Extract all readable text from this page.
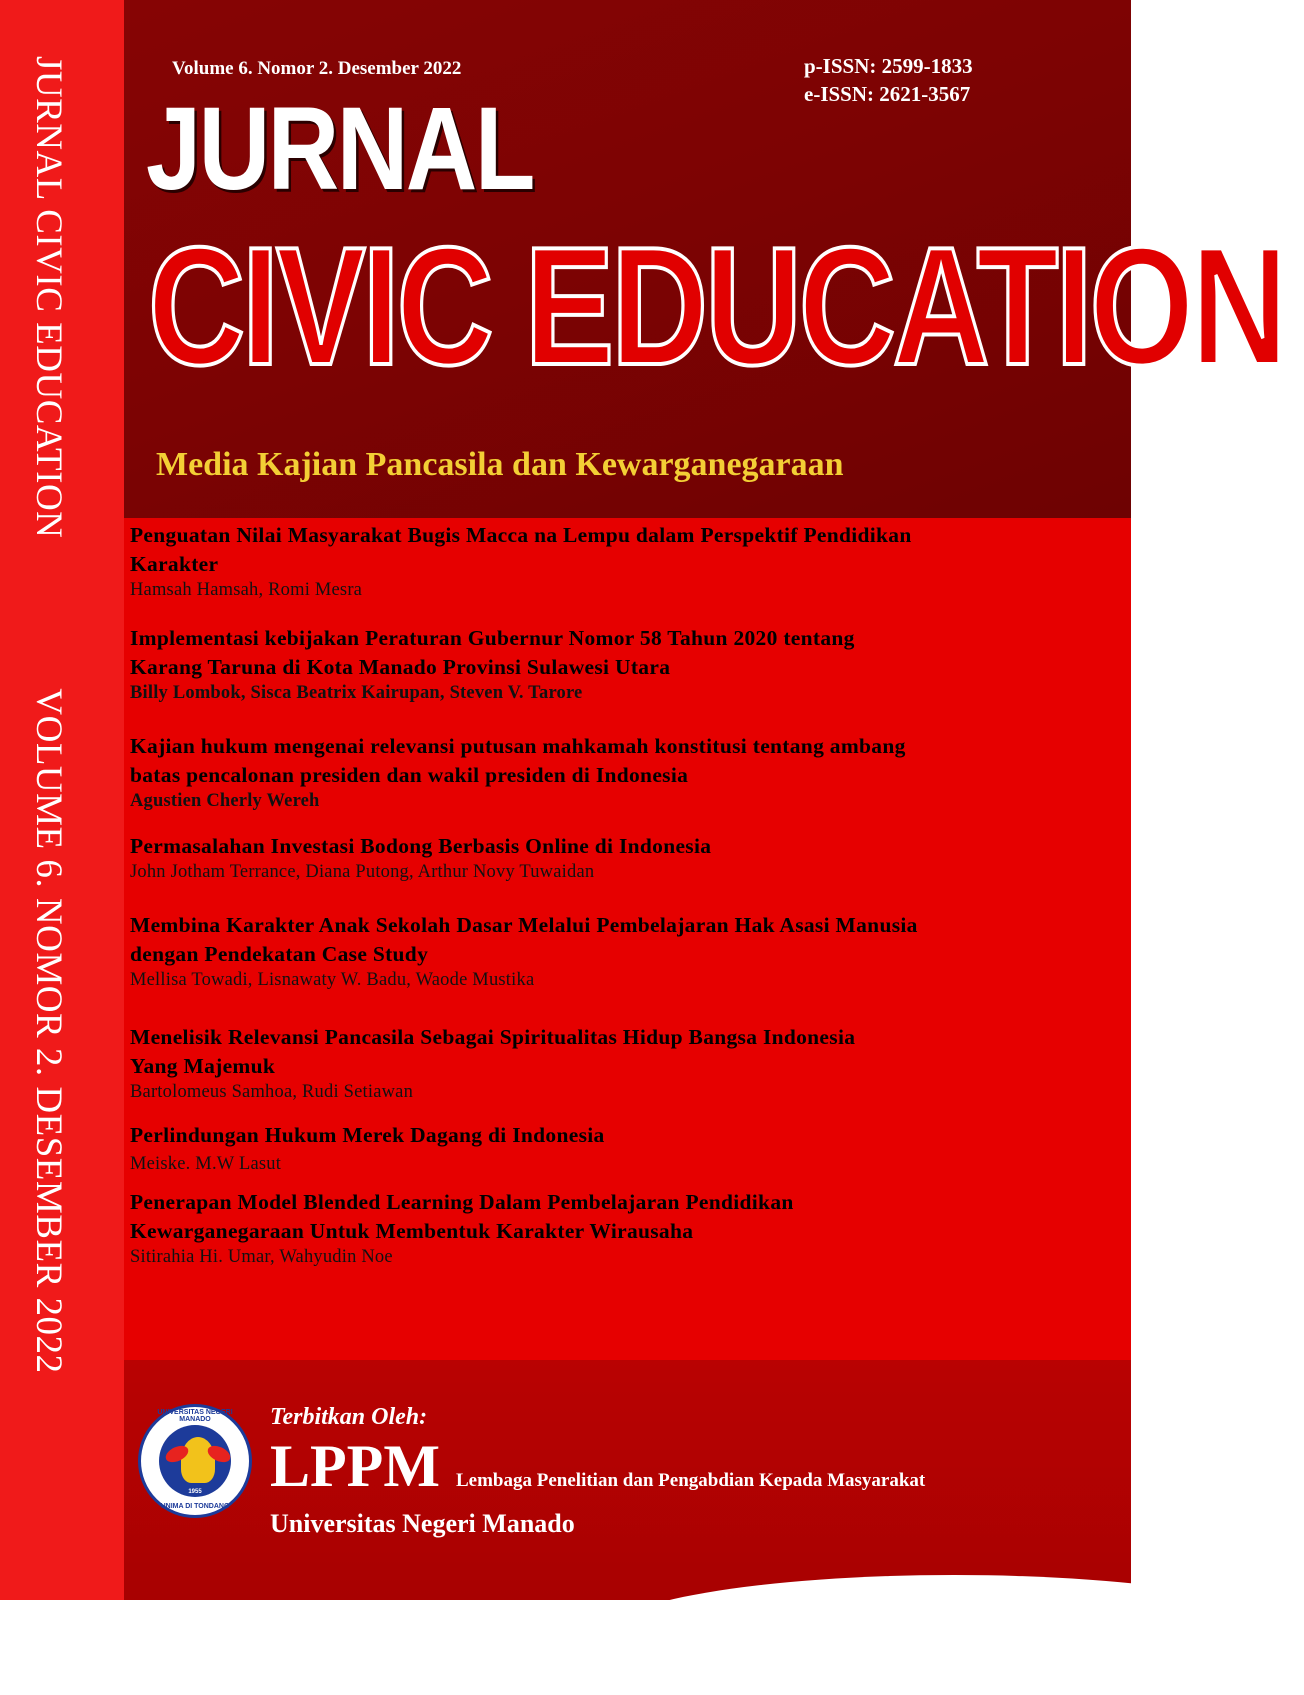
JURNAL CIVIC EDUCATIONVOLUME 6. NOMOR 2. DESEMBER 2022
Volume 6. Nomor 2. Desember 2022	p-ISSN: 2599-1833
e-ISSN: 2621-3567
JURNAL
CIVIC EDUCATION
Media Kajian Pancasila dan Kewarganegaraan
Penguatan Nilai Masyarakat Bugis Macca na Lempu dalam Perspektif Pendidikan
Karakter
Hamsah Hamsah, Romi Mesra
Implementasi kebijakan Peraturan Gubernur Nomor 58 Tahun 2020 tentang
Karang Taruna di Kota Manado Provinsi Sulawesi Utara
Billy Lombok, Sisca Beatrix Kairupan, Steven V. Tarore
Kajian hukum mengenai relevansi putusan mahkamah konstitusi tentang ambang
batas pencalonan presiden dan wakil presiden di Indonesia
Agustien Cherly Wereh
Permasalahan Investasi Bodong Berbasis Online di Indonesia
John Jotham Terrance, Diana Putong, Arthur Novy Tuwaidan
Membina Karakter Anak Sekolah Dasar Melalui Pembelajaran Hak Asasi Manusia
dengan Pendekatan Case Study
Mellisa Towadi, Lisnawaty W. Badu, Waode Mustika
Menelisik Relevansi Pancasila Sebagai Spiritualitas Hidup Bangsa Indonesia
Yang Majemuk
Bartolomeus Samhoa, Rudi Setiawan
Perlindungan Hukum Merek Dagang di Indonesia
Meiske. M.W Lasut
Penerapan Model Blended Learning Dalam Pembelajaran Pendidikan
Kewarganegaraan Untuk Membentuk Karakter Wirausaha
Sitirahia Hi. Umar, Wahyudin Noe
UNIVERSITAS NEGERI MANADO
1955
UNIMA DI TONDANO
Terbitkan Oleh:
LPPM Lembaga Penelitian dan Pengabdian Kepada Masyarakat
Universitas Negeri Manado
